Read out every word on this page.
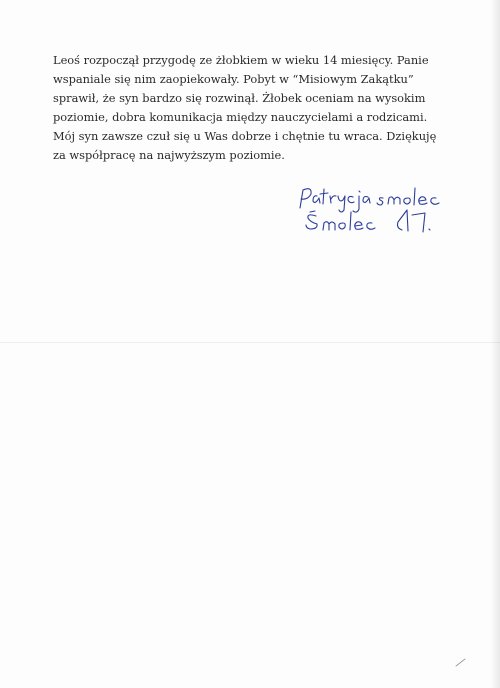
Leoś rozpoczął przygodę ze żłobkiem w wieku 14 miesięcy. Panie
wspaniale się nim zaopiekowały. Pobyt w “Misiowym Zakątku”
sprawił, że syn bardzo się rozwinął. Żłobek oceniam na wysokim
poziomie, dobra komunikacja między nauczycielami a rodzicami.
Mój syn zawsze czuł się u Was dobrze i chętnie tu wraca. Dziękuję
za współpracę na najwyższym poziomie.
